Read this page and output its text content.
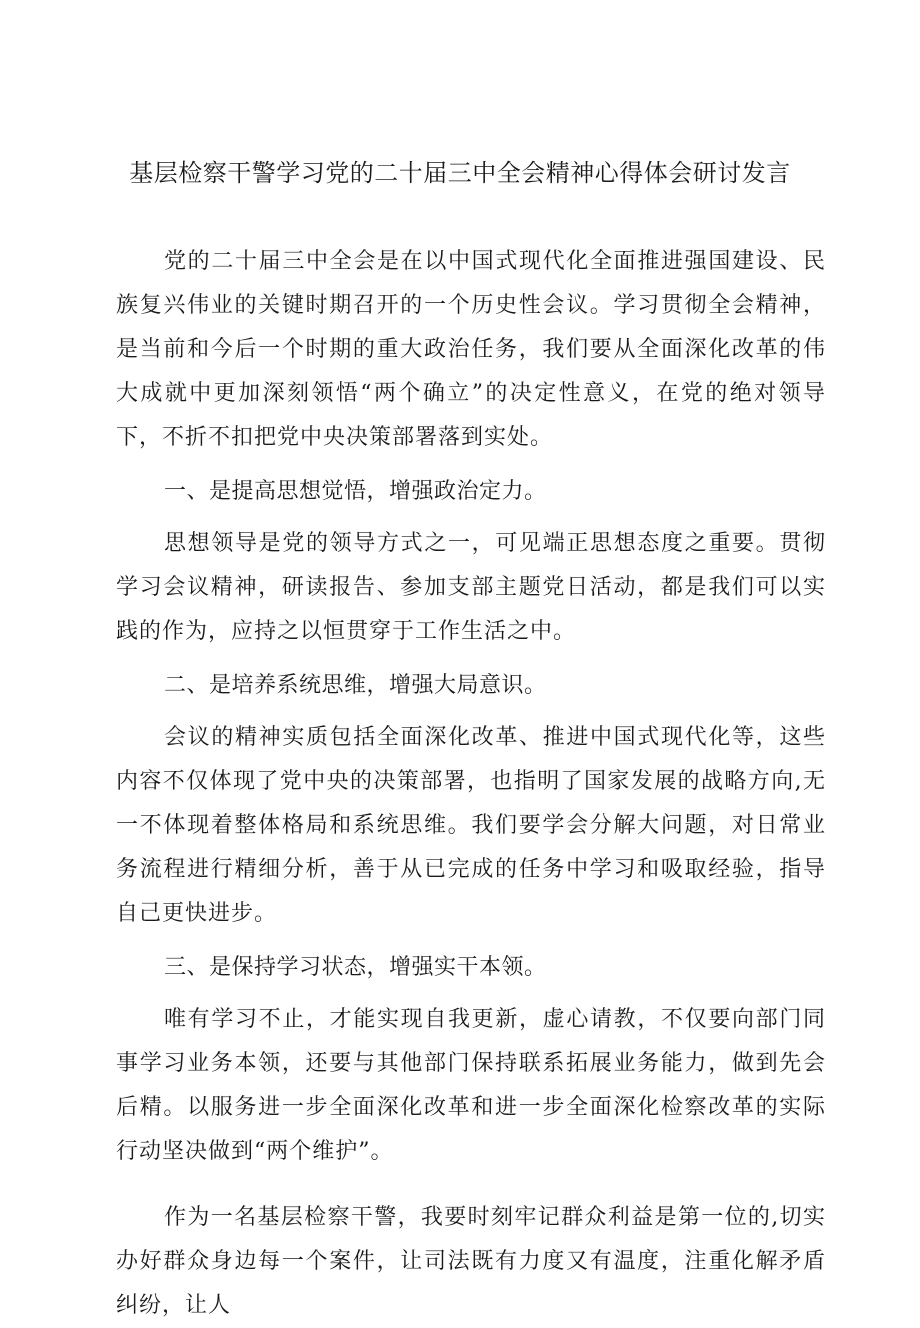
基层检察干警学习党的二十届三中全会精神心得体会研讨发言

党的二十届三中全会是在以中国式现代化全面推进强国建设、民族复兴伟业的关键时期召开的一个历史性会议。学习贯彻全会精神，是当前和今后一个时期的重大政治任务，我们要从全面深化改革的伟大成就中更加深刻领悟“两个确立”的决定性意义，在党的绝对领导下，不折不扣把党中央决策部署落到实处。

一、是提高思想觉悟，增强政治定力。

思想领导是党的领导方式之一，可见端正思想态度之重要。贯彻学习会议精神，研读报告、参加支部主题党日活动，都是我们可以实践的作为，应持之以恒贯穿于工作生活之中。

二、是培养系统思维，增强大局意识。

会议的精神实质包括全面深化改革、推进中国式现代化等，这些内容不仅体现了党中央的决策部署，也指明了国家发展的战略方向,无一不体现着整体格局和系统思维。我们要学会分解大问题，对日常业务流程进行精细分析，善于从已完成的任务中学习和吸取经验，指导自己更快进步。

三、是保持学习状态，增强实干本领。

唯有学习不止，才能实现自我更新，虚心请教，不仅要向部门同事学习业务本领，还要与其他部门保持联系拓展业务能力，做到先会后精。以服务进一步全面深化改革和进一步全面深化检察改革的实际行动坚决做到“两个维护”。

作为一名基层检察干警，我要时刻牢记群众利益是第一位的,切实办好群众身边每一个案件，让司法既有力度又有温度，注重化解矛盾纠纷，让人
